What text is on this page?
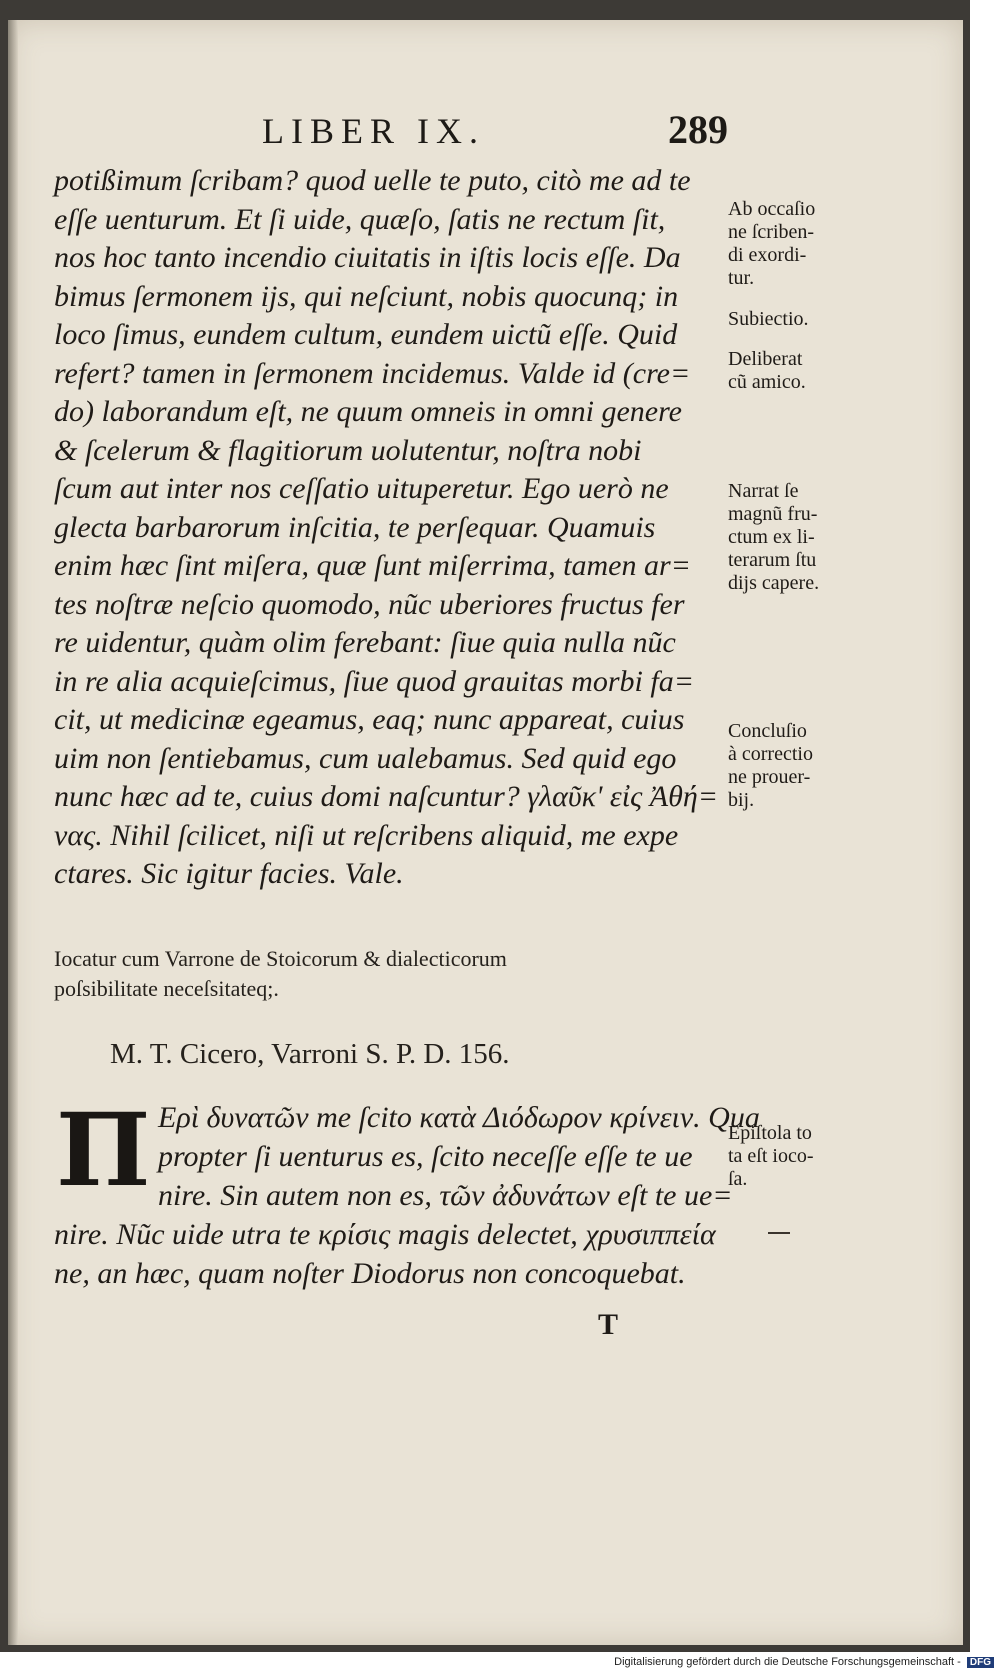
LIBER IX.	289
potißimum ſcribam? quod uelle te puto, citò me ad te
eſſe uenturum. Et ſi uide, quæſo, ſatis ne rectum ſit,
nos hoc tanto incendio ciuitatis in iſtis locis eſſe. Da
bimus ſermonem ijs, qui neſciunt, nobis quocunq; in
loco ſimus, eundem cultum, eundem uictũ eſſe. Quid
refert? tamen in ſermonem incidemus. Valde id (cre=
do) laborandum eſt, ne quum omneis in omni genere
& ſcelerum & flagitiorum uolutentur, noſtra nobi
ſcum aut inter nos ceſſatio uituperetur. Ego uerò ne
glecta barbarorum inſcitia, te perſequar. Quamuis
enim hæc ſint miſera, quæ ſunt miſerrima, tamen ar=
tes noſtræ neſcio quomodo, nũc uberiores fructus fer
re uidentur, quàm olim ferebant: ſiue quia nulla nũc
in re alia acquieſcimus, ſiue quod grauitas morbi fa=
cit, ut medicinæ egeamus, eaq; nunc appareat, cuius
uim non ſentiebamus, cum ualebamus. Sed quid ego
nunc hæc ad te, cuius domi naſcuntur? γλαῦκ' εἰς Ἀθή=
νας. Nihil ſcilicet, niſi ut reſcribens aliquid, me expe
ctares. Sic igitur facies. Vale.
Ab occaſio
ne ſcriben-
di exordi-
tur.
Subiectio.
Deliberat
cũ amico.
Narrat ſe
magnũ fru-
ctum ex li-
terarum ſtu
dijs capere.
Concluſio
à correctio
ne prouer-
bij.
Iocatur cum Varrone de Stoicorum & dialecticorum
poſsibilitate neceſsitateq;.
M. T. Cicero, Varroni S. P. D. 156.
Π Ερὶ δυνατῶν me ſcito κατὰ Διόδωρον κρίνειν. Qua
propter ſi uenturus es, ſcito neceſſe eſſe te ue
nire. Sin autem non es, τῶν ἀδυνάτων eſt te ue=
nire. Nũc uide utra te κρίσις magis delectet, χρυσιππεία
ne, an hæc, quam noſter Diodorus non concoquebat.
Epiſtola to
ta eſt ioco-
ſa.
T
Digitalisierung gefördert durch die Deutsche Forschungsgemeinschaft - DFG
